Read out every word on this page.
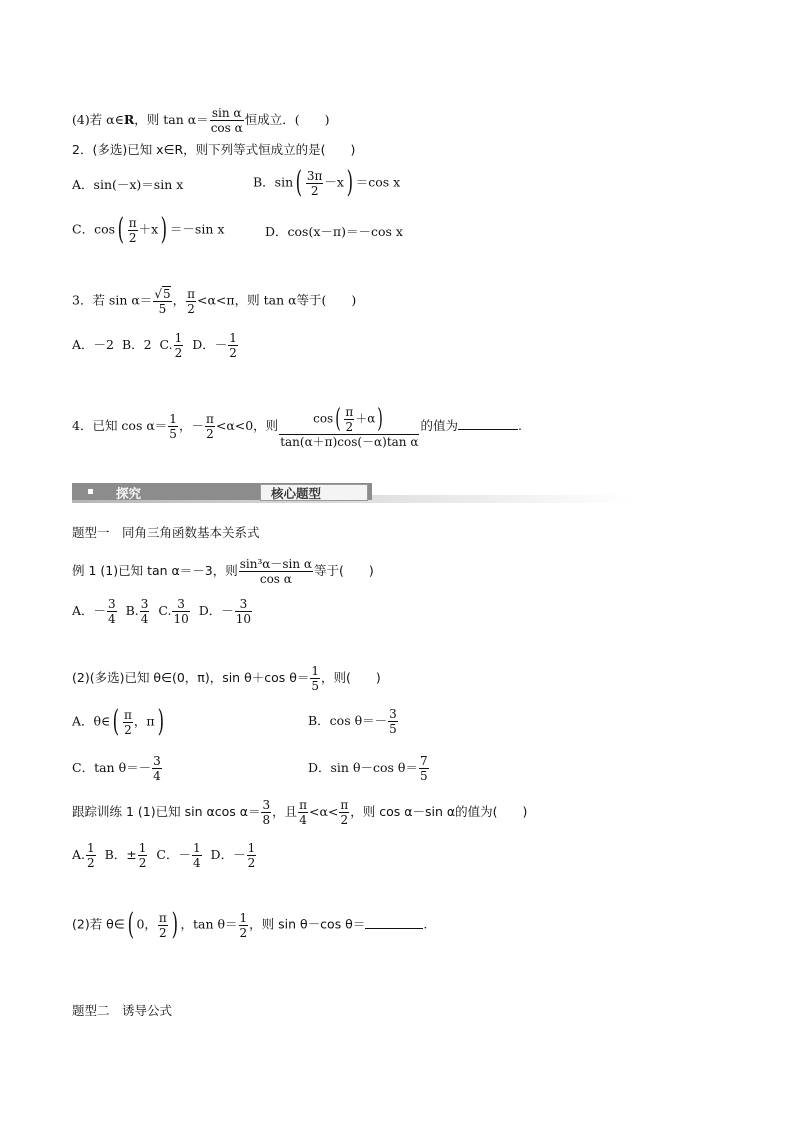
(4)若 α∈R，则 $\tan \alpha= \frac{\text{sin α}}{\text{cos α}}$ 恒成立．(　　)
2．(多选)已知 x∈R，则下列等式恒成立的是(　　)
A．sin(－x)＝sin x	B．$\sin( \frac{3\pi}{2} -x) =\cos$ x
C．$\cos( \frac{\pi}{2} +x) =-\sin$ x	D．cos(x－π)＝－cos x
3．若 $\sin \alpha= \frac{√5}{5}$ ， $\frac{\pi}{2} <\alpha<\pi$，则 tan α等于(　　)
A．－2 B．2 C. $\frac{1}{2}$ D．－ $\frac{1}{2}$
4．已知 $\cos \alpha= \frac{1}{5}$ ，－ $\frac{\pi}{2} <\alpha<0$，则 $\frac{\cos( \frac{\pi}{2} +\alpha)}{\text{tan(α＋π)cos(－α)tan α}}$ 的值为	.
探究	核心题型
题型一　同角三角函数基本关系式
例 1 (1)已知 tan α＝－3，则 $\frac{\text{sin³α－sin α}}{\text{cos α}}$ 等于(　　)
A．－ $\frac{3}{4} B$. $\frac{3}{4} C$. $\frac{3}{10}$ D．－ $\frac{3}{10}$
(2)(多选)已知 θ∈(0，π)，sin θ＋cos $\theta= \frac{1}{5}$ ，则(　　)
A．θ∈( $\frac{\pi}{2}$ ，π)	B．$\cos \theta=- \frac{3}{5}$
C．$\tan \theta=- \frac{3}{4}$	D．sin θ－cos $\theta= \frac{7}{5}$
跟踪训练 1 (1)已知 sin αcos $\alpha= \frac{3}{8}$ ，且 $\frac{\pi}{4} <\alpha< \frac{\pi}{2}$ ，则 cos α－sin α的值为(　　)
A. $\frac{1}{2}$ B．± $\frac{1}{2}$ C．－ $\frac{1}{4}$ D．－ $\frac{1}{2}$
(2)若 θ∈( 0， $\frac{\pi}{2}$ ) ，$\tan \theta= \frac{1}{2}$ ，则 sin θ－cos θ＝	.
题型二　诱导公式
